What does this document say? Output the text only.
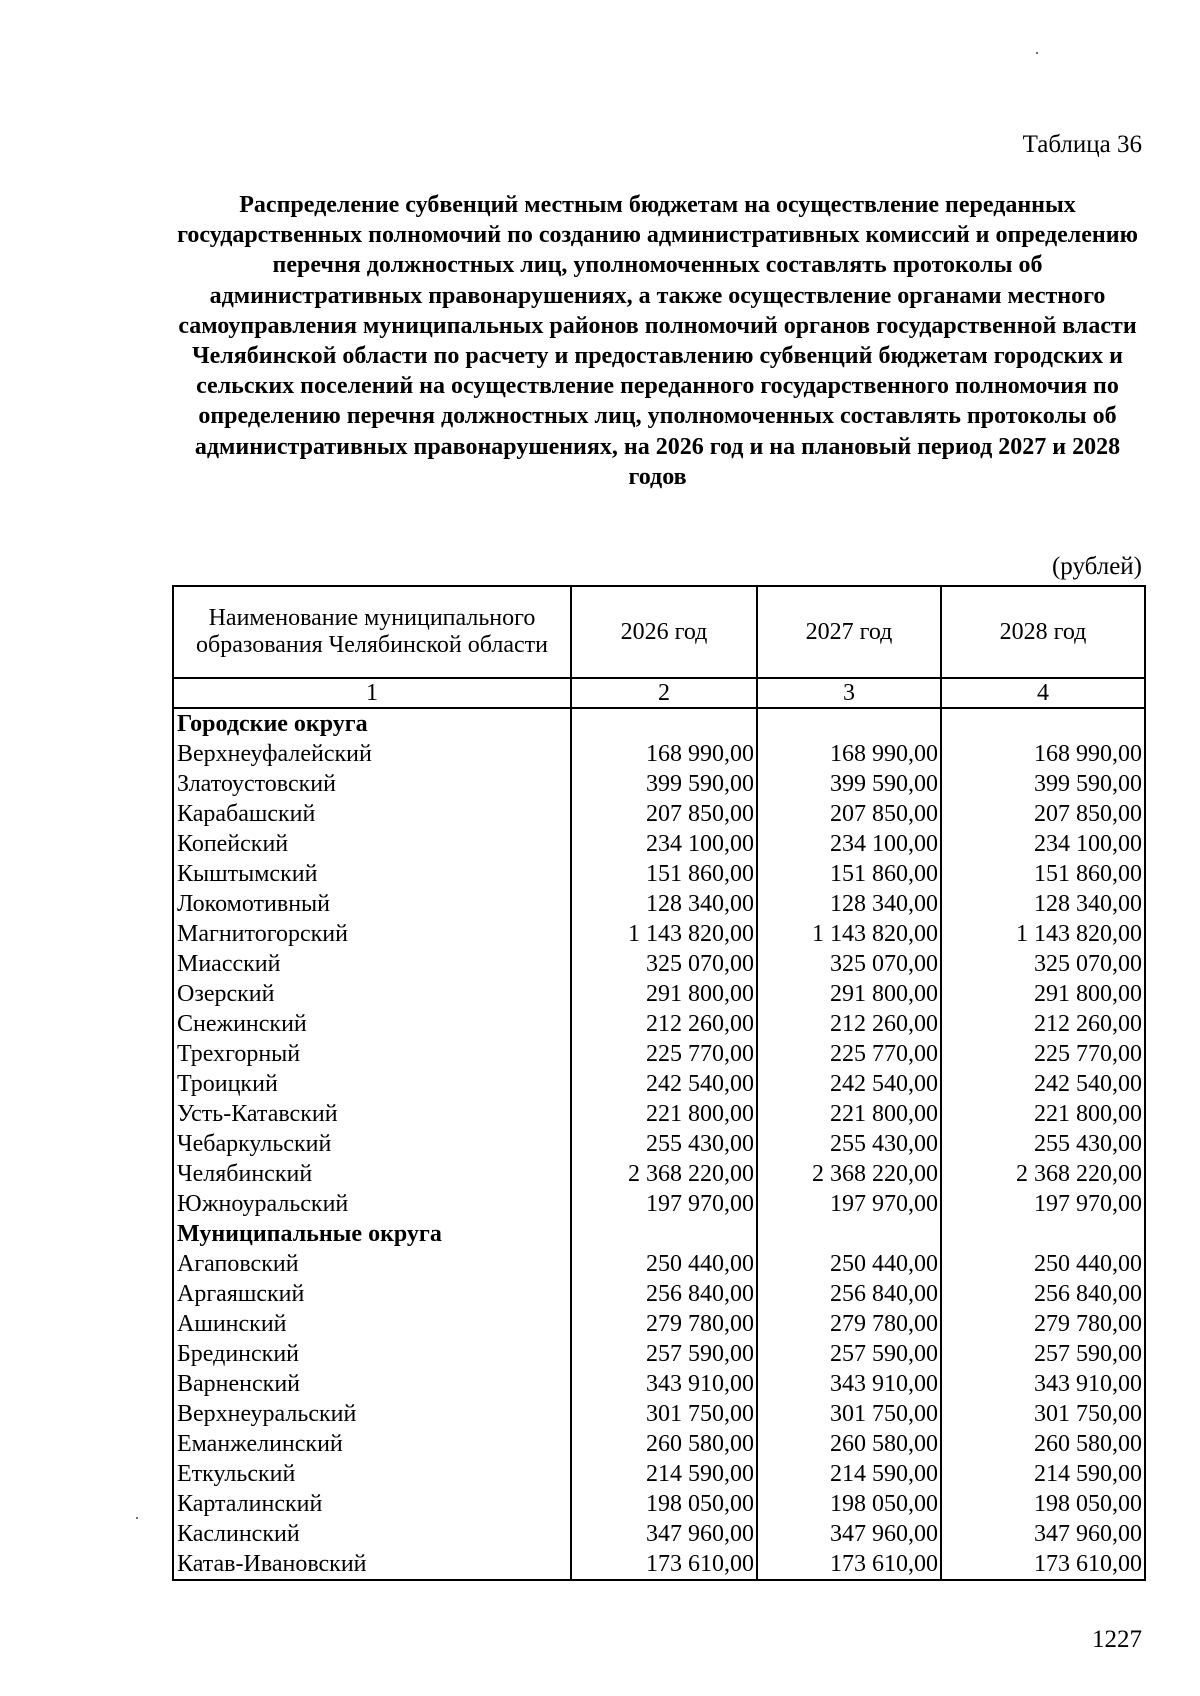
Таблица 36
Распределение субвенций местным бюджетам на осуществление переданных государственных полномочий по созданию административных комиссий и определению перечня должностных лиц, уполномоченных составлять протоколы об административных правонарушениях, а также осуществление органами местного самоуправления муниципальных районов полномочий органов государственной власти Челябинской области по расчету и предоставлению субвенций бюджетам городских и сельских поселений на осуществление переданного государственного полномочия по определению перечня должностных лиц, уполномоченных составлять протоколы об административных правонарушениях, на 2026 год и на плановый период 2027 и 2028 годов
(рублей)
Наименование муниципального образования Челябинской области	2026 год	2027 год	2028 год
1	2	3	4
Городские округа			
Верхнеуфалейский	168 990,00	168 990,00	168 990,00
Златоустовский	399 590,00	399 590,00	399 590,00
Карабашский	207 850,00	207 850,00	207 850,00
Копейский	234 100,00	234 100,00	234 100,00
Кыштымский	151 860,00	151 860,00	151 860,00
Локомотивный	128 340,00	128 340,00	128 340,00
Магнитогорский	1 143 820,00	1 143 820,00	1 143 820,00
Миасский	325 070,00	325 070,00	325 070,00
Озерский	291 800,00	291 800,00	291 800,00
Снежинский	212 260,00	212 260,00	212 260,00
Трехгорный	225 770,00	225 770,00	225 770,00
Троицкий	242 540,00	242 540,00	242 540,00
Усть-Катавский	221 800,00	221 800,00	221 800,00
Чебаркульский	255 430,00	255 430,00	255 430,00
Челябинский	2 368 220,00	2 368 220,00	2 368 220,00
Южноуральский	197 970,00	197 970,00	197 970,00
Муниципальные округа			
Агаповский	250 440,00	250 440,00	250 440,00
Аргаяшский	256 840,00	256 840,00	256 840,00
Ашинский	279 780,00	279 780,00	279 780,00
Брединский	257 590,00	257 590,00	257 590,00
Варненский	343 910,00	343 910,00	343 910,00
Верхнеуральский	301 750,00	301 750,00	301 750,00
Еманжелинский	260 580,00	260 580,00	260 580,00
Еткульский	214 590,00	214 590,00	214 590,00
Карталинский	198 050,00	198 050,00	198 050,00
Каслинский	347 960,00	347 960,00	347 960,00
Катав-Ивановский	173 610,00	173 610,00	173 610,00
1227
